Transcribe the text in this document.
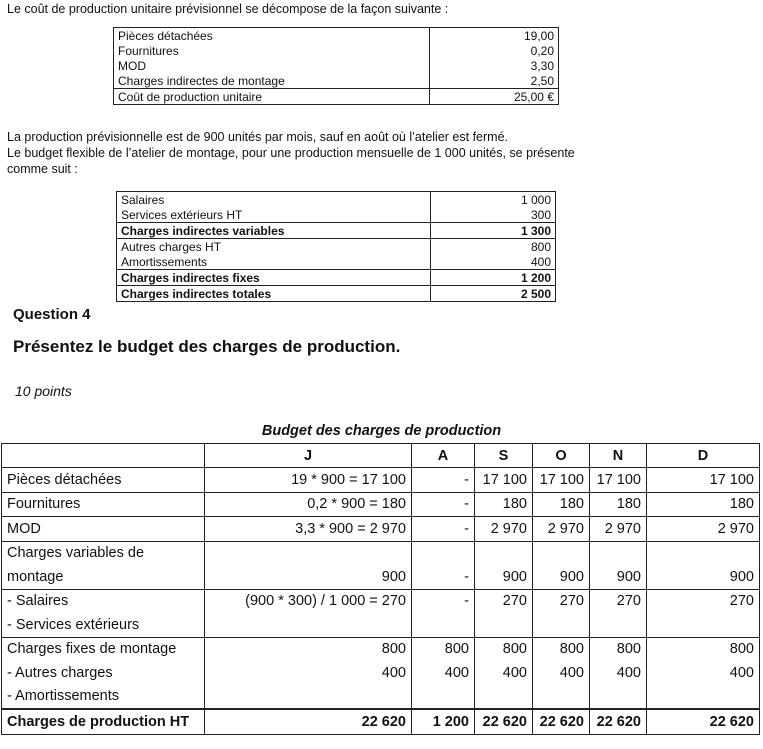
Le coût de production unitaire prévisionnel se décompose de la façon suivante :
Pièces détachées	19,00
Fournitures	0,20
MOD	3,30
Charges indirectes de montage	2,50
Coût de production unitaire	25,00 €
La production prévisionnelle est de 900 unités par mois, sauf en août où l’atelier est fermé.
Le budget flexible de l’atelier de montage, pour une production mensuelle de 1 000 unités, se présente
comme suit :
Salaires	1 000
Services extérieurs HT	300
Charges indirectes variables	1 300
Autres charges HT	800
Amortissements	400
Charges indirectes fixes	1 200
Charges indirectes totales	2 500
Question 4
Présentez le budget des charges de production.
10 points
Budget des charges de production
	J	A	S	O	N	D
Pièces détachées	19 * 900 = 17 100	-	17 100	17 100	17 100	17 100
Fournitures	0,2 * 900 = 180	-	180	180	180	180
MOD	3,3 * 900 = 2 970	-	2 970	2 970	2 970	2 970
Charges variables de						
montage	900	-	900	900	900	900
- Salaires	(900 * 300) / 1 000 = 270	-	270	270	270	270
- Services extérieurs						
Charges fixes de montage	800	800	800	800	800	800
- Autres charges	400	400	400	400	400	400
- Amortissements						
Charges de production HT	22 620	1 200	22 620	22 620	22 620	22 620
